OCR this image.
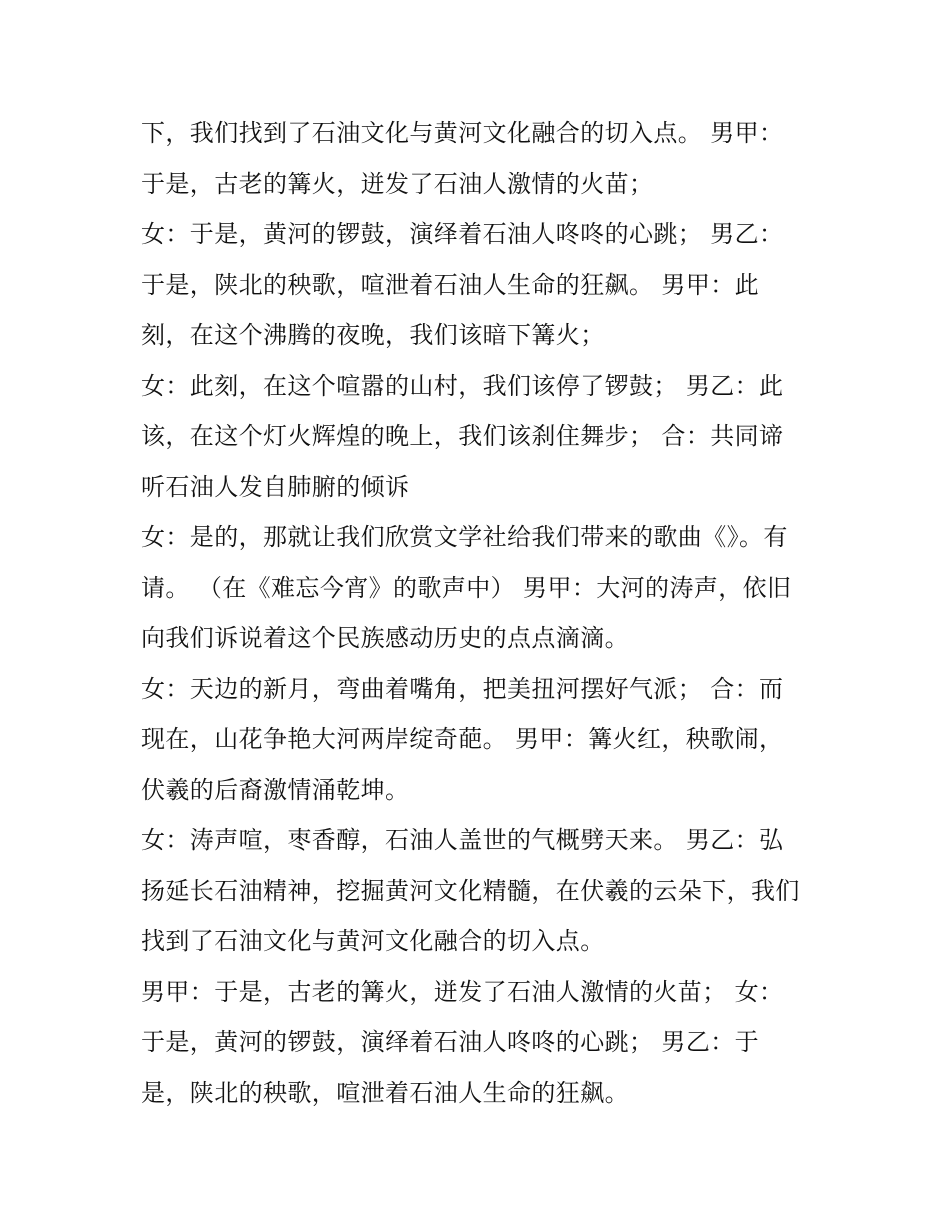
下，我们找到了石油文化与黄河文化融合的切入点。 男甲：
于是，古老的篝火，迸发了石油人激情的火苗；
女：于是，黄河的锣鼓，演绎着石油人咚咚的心跳； 男乙：
于是，陕北的秧歌，喧泄着石油人生命的狂飙。 男甲：此
刻，在这个沸腾的夜晚，我们该暗下篝火；
女：此刻，在这个喧嚣的山村，我们该停了锣鼓； 男乙：此
该，在这个灯火辉煌的晚上，我们该刹住舞步； 合：共同谛
听石油人发自肺腑的倾诉
女：是的，那就让我们欣赏文学社给我们带来的歌曲《》。有
请。 （在《难忘今宵》的歌声中） 男甲：大河的涛声，依旧
向我们诉说着这个民族感动历史的点点滴滴。
女：天边的新月，弯曲着嘴角，把美扭河摆好气派； 合：而
现在，山花争艳大河两岸绽奇葩。 男甲：篝火红，秧歌闹，
伏羲的后裔激情涌乾坤。
女：涛声喧，枣香醇，石油人盖世的气概劈天来。 男乙：弘
扬延长石油精神，挖掘黄河文化精髓，在伏羲的云朵下，我们
找到了石油文化与黄河文化融合的切入点。
男甲：于是，古老的篝火，迸发了石油人激情的火苗； 女：
于是，黄河的锣鼓，演绎着石油人咚咚的心跳； 男乙：于
是，陕北的秧歌，喧泄着石油人生命的狂飙。
